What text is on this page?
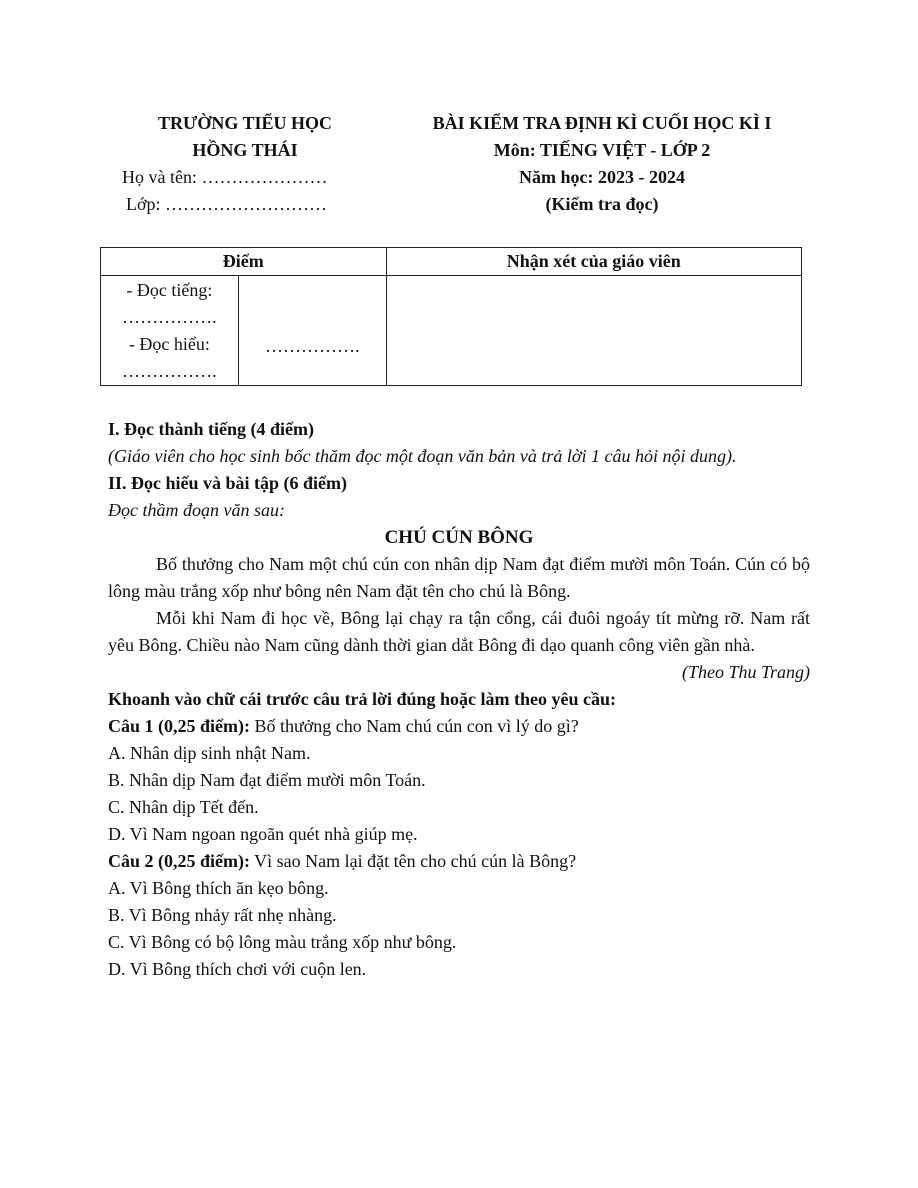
TRƯỜNG TIỂU HỌC
HỒNG THÁI
Họ và tên: …………………
Lớp: ………………………
BÀI KIỂM TRA ĐỊNH KÌ CUỐI HỌC KÌ I
Môn: TIẾNG VIỆT - LỚP 2
Năm học: 2023 - 2024
(Kiểm tra đọc)
Điểm		Nhận xét của giáo viên

- Đọc tiếng:
…………….
- Đọc hiểu:
…………….	…………….	

I. Đọc thành tiếng (4 điểm)
(Giáo viên cho học sinh bốc thăm đọc một đoạn văn bản và trả lời 1 câu hỏi nội dung).
II. Đọc hiểu và bài tập (6 điểm)
Đọc thầm đoạn văn sau:
CHÚ CÚN BÔNG
Bố thưởng cho Nam một chú cún con nhân dịp Nam đạt điểm mười môn Toán. Cún có bộ lông màu trắng xốp như bông nên Nam đặt tên cho chú là Bông.
Mỗi khi Nam đi học về, Bông lại chạy ra tận cổng, cái đuôi ngoáy tít mừng rỡ. Nam rất yêu Bông. Chiều nào Nam cũng dành thời gian dắt Bông đi dạo quanh công viên gần nhà.
(Theo Thu Trang)
Khoanh vào chữ cái trước câu trả lời đúng hoặc làm theo yêu cầu:
Câu 1 (0,25 điểm): Bố thưởng cho Nam chú cún con vì lý do gì?
A. Nhân dịp sinh nhật Nam.
B. Nhân dịp Nam đạt điểm mười môn Toán.
C. Nhân dịp Tết đến.
D. Vì Nam ngoan ngoãn quét nhà giúp mẹ.
Câu 2 (0,25 điểm): Vì sao Nam lại đặt tên cho chú cún là Bông?
A. Vì Bông thích ăn kẹo bông.
B. Vì Bông nhảy rất nhẹ nhàng.
C. Vì Bông có bộ lông màu trắng xốp như bông.
D. Vì Bông thích chơi với cuộn len.
